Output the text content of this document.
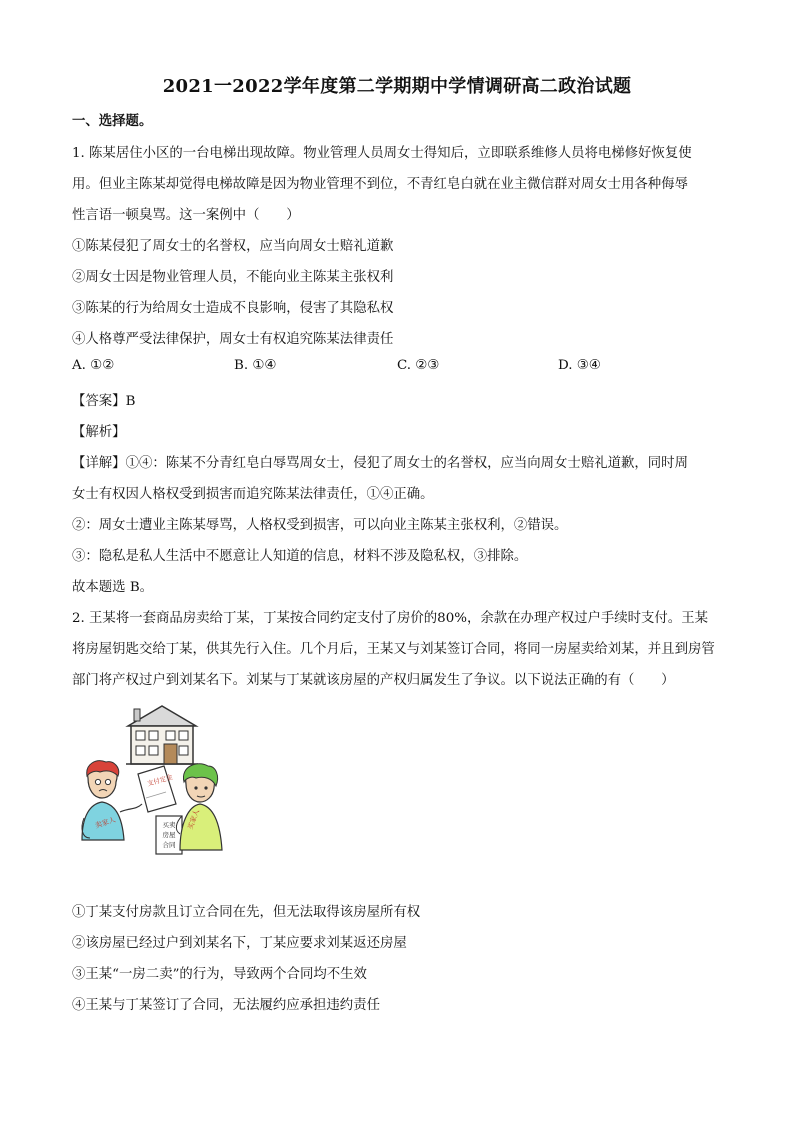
2021一2022学年度第二学期期中学情调研高二政治试题
一、选择题。
1. 陈某居住小区的一台电梯出现故障。物业管理人员周女士得知后，立即联系维修人员将电梯修好恢复使
用。但业主陈某却觉得电梯故障是因为物业管理不到位，不青红皂白就在业主微信群对周女士用各种侮辱
性言语一顿臭骂。这一案例中（　　）
①陈某侵犯了周女士的名誉权，应当向周女士赔礼道歉
②周女士因是物业管理人员，不能向业主陈某主张权利
③陈某的行为给周女士造成不良影响，侵害了其隐私权
④人格尊严受法律保护，周女士有权追究陈某法律责任
A. ①②	B. ①④	C. ②③	D. ③④
【答案】B
【解析】
【详解】①④：陈某不分青红皂白辱骂周女士，侵犯了周女士的名誉权，应当向周女士赔礼道歉，同时周
女士有权因人格权受到损害而追究陈某法律责任，①④正确。
②：周女士遭业主陈某辱骂，人格权受到损害，可以向业主陈某主张权利，②错误。
③：隐私是私人生活中不愿意让人知道的信息，材料不涉及隐私权，③排除。
故本题选 B。
2. 王某将一套商品房卖给丁某，丁某按合同约定支付了房价的80%，余款在办理产权过户手续时支付。王某
将房屋钥匙交给丁某，供其先行入住。几个月后，王某又与刘某签订合同，将同一房屋卖给刘某，并且到房管
部门将产权过户到刘某名下。刘某与丁某就该房屋的产权归属发生了争议。以下说法正确的有（　　）
卖家人
支付定金
买卖
房屋
合同
买家人
①丁某支付房款且订立合同在先，但无法取得该房屋所有权
②该房屋已经过户到刘某名下，丁某应要求刘某返还房屋
③王某“一房二卖”的行为，导致两个合同均不生效
④王某与丁某签订了合同，无法履约应承担违约责任
